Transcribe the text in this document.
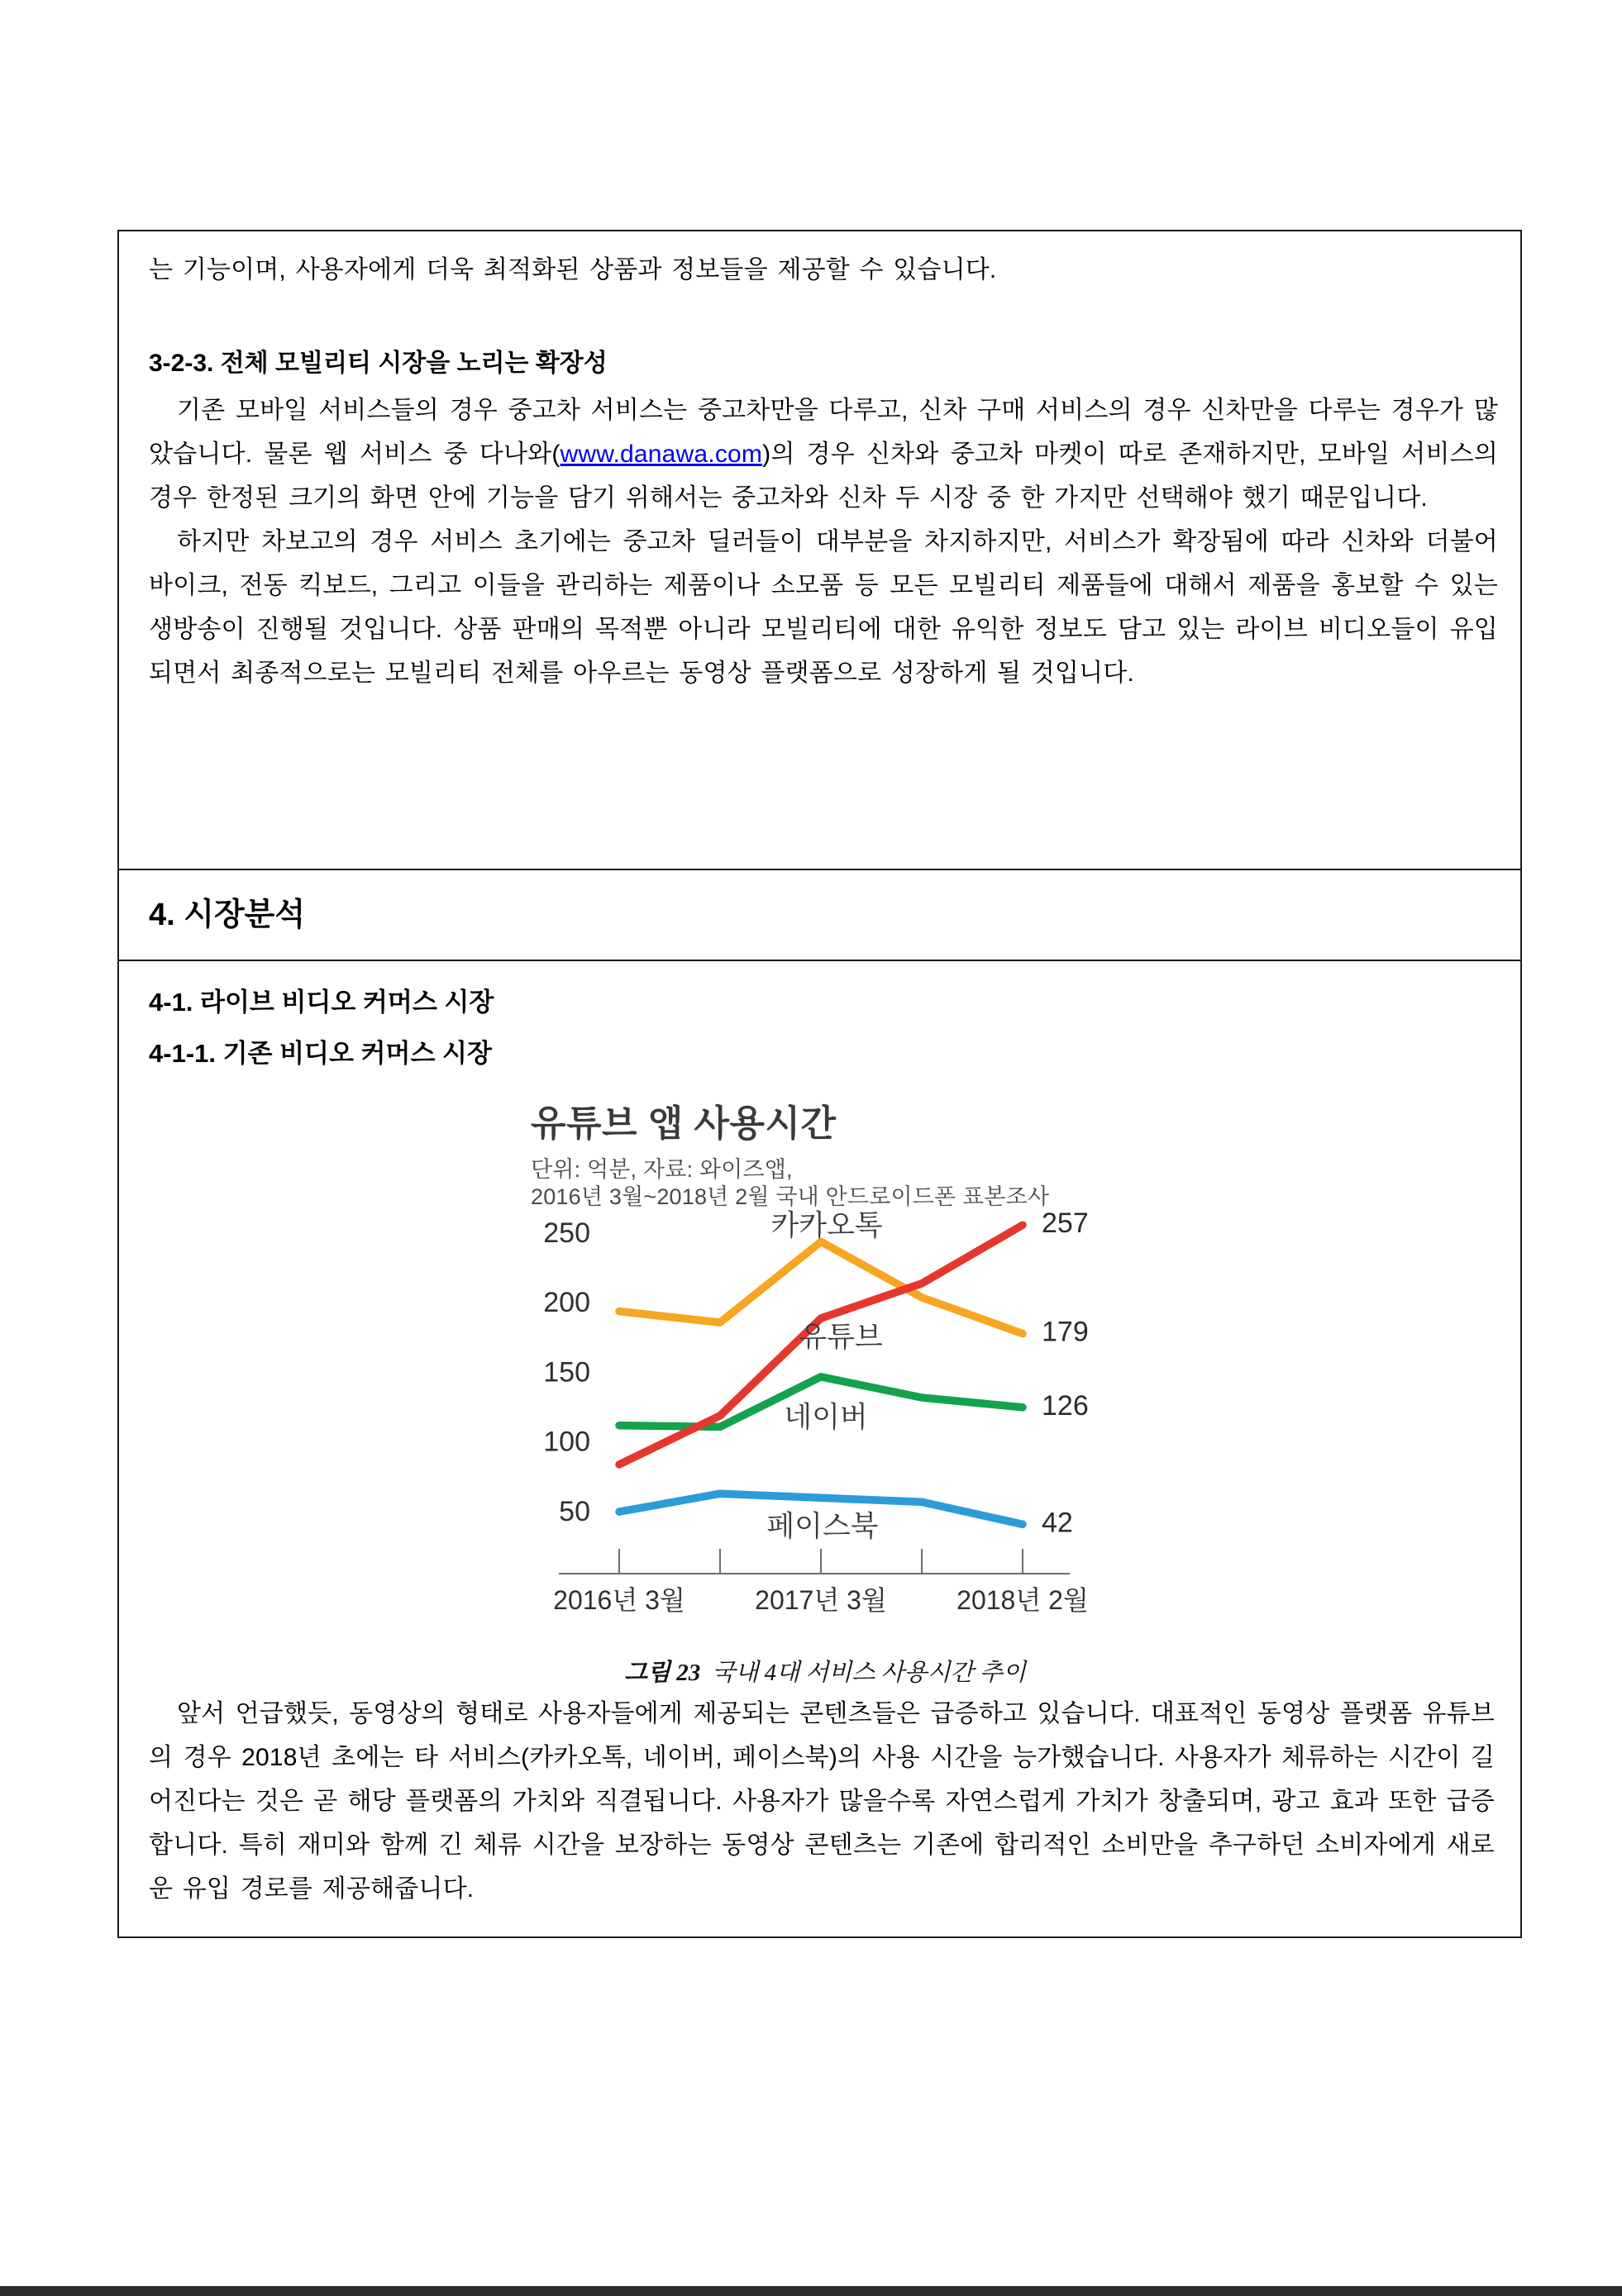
는 기능이며, 사용자에게 더욱 최적화된 상품과 정보들을 제공할 수 있습니다.

3-2-3. 전체 모빌리티 시장을 노리는 확장성

기존 모바일 서비스들의 경우 중고차 서비스는 중고차만을 다루고, 신차 구매 서비스의 경우 신차만을 다루는 경우가 많았습니다. 물론 웹 서비스 중 다나와(www.danawa.com)의 경우 신차와 중고차 마켓이 따로 존재하지만, 모바일 서비스의 경우 한정된 크기의 화면 안에 기능을 담기 위해서는 중고차와 신차 두 시장 중 한 가지만 선택해야 했기 때문입니다.

하지만 차보고의 경우 서비스 초기에는 중고차 딜러들이 대부분을 차지하지만, 서비스가 확장됨에 따라 신차와 더불어 바이크, 전동 킥보드, 그리고 이들을 관리하는 제품이나 소모품 등 모든 모빌리티 제품들에 대해서 제품을 홍보할 수 있는 생방송이 진행될 것입니다. 상품 판매의 목적뿐 아니라 모빌리티에 대한 유익한 정보도 담고 있는 라이브 비디오들이 유입되면서 최종적으로는 모빌리티 전체를 아우르는 동영상 플랫폼으로 성장하게 될 것입니다.

4. 시장분석
4-1. 라이브 비디오 커머스 시장
4-1-1. 기존 비디오 커머스 시장
유튜브 앱 사용시간
단위: 억분, 자료: 와이즈앱,
2016년 3월~2018년 2월 국내 안드로이드폰 표본조사
250
200
150
100
50
2016년 3월	2017년 3월	2018년 2월
카카오톡
유튜브
네이버
페이스북
179
257
126
42
그림 23 국내 4대 서비스 사용시간 추이

앞서 언급했듯, 동영상의 형태로 사용자들에게 제공되는 콘텐츠들은 급증하고 있습니다. 대표적인 동영상 플랫폼 유튜브의 경우 2018년 초에는 타 서비스(카카오톡, 네이버, 페이스북)의 사용 시간을 능가했습니다. 사용자가 체류하는 시간이 길어진다는 것은 곧 해당 플랫폼의 가치와 직결됩니다. 사용자가 많을수록 자연스럽게 가치가 창출되며, 광고 효과 또한 급증합니다. 특히 재미와 함께 긴 체류 시간을 보장하는 동영상 콘텐츠는 기존에 합리적인 소비만을 추구하던 소비자에게 새로운 유입 경로를 제공해줍니다.
